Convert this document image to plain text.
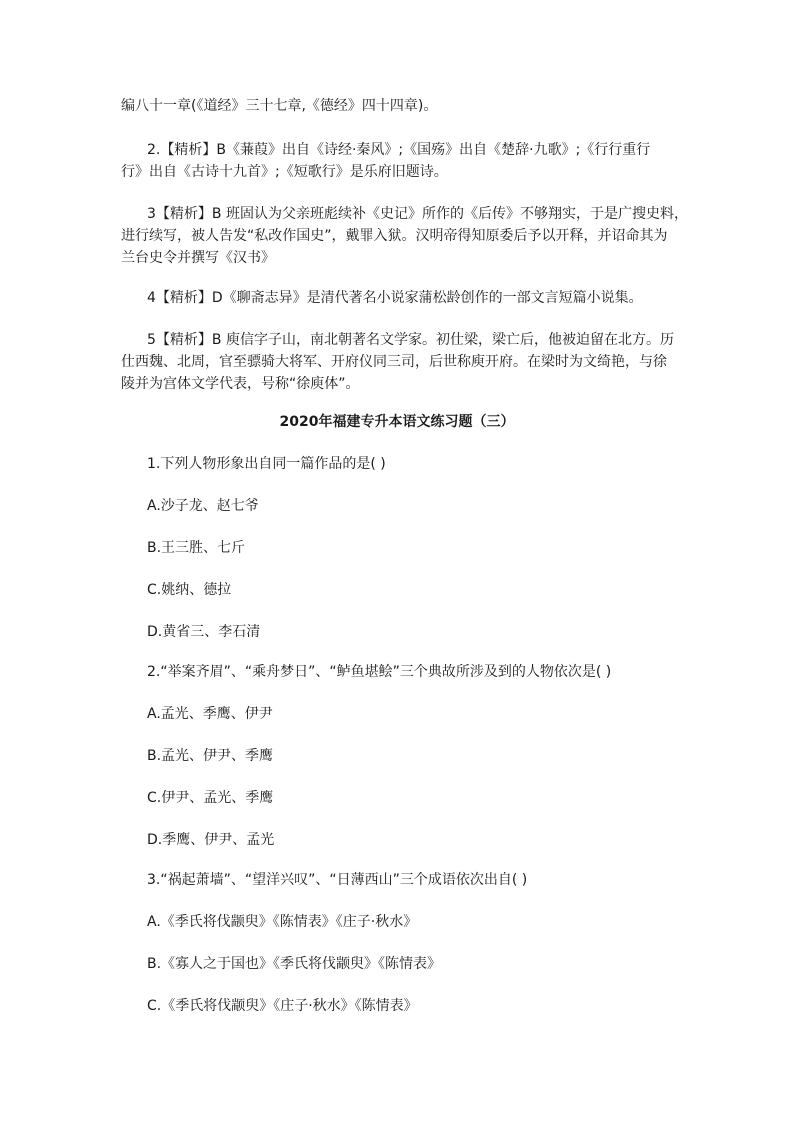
编八十一章(《道经》三十七章,《德经》四十四章)。
2.【精析】B《蒹葭》出自《诗经·秦风》;《国殇》出自《楚辞·九歌》;《行行重行
行》出自《古诗十九首》;《短歌行》是乐府旧题诗。
3【精析】B 班固认为父亲班彪续补《史记》所作的《后传》不够翔实，于是广搜史料，
进行续写，被人告发“私改作国史”，戴罪入狱。汉明帝得知原委后予以开释，并诏命其为
兰台史令并撰写《汉书》
4【精析】D《聊斋志异》是清代著名小说家蒲松龄创作的一部文言短篇小说集。
5【精析】B 庾信字子山，南北朝著名文学家。初仕梁，梁亡后，他被迫留在北方。历
仕西魏、北周，官至骠骑大将军、开府仪同三司，后世称庾开府。在梁时为文绮艳，与徐
陵并为宫体文学代表，号称“徐庾体”。
2020年福建专升本语文练习题（三）
1.下列人物形象出自同一篇作品的是( )
A.沙子龙、赵七爷
B.王三胜、七斤
C.姚纳、德拉
D.黄省三、李石清
2.“举案齐眉”、“乘舟梦日”、“鲈鱼堪鲙”三个典故所涉及到的人物依次是( )
A.孟光、季鹰、伊尹
B.孟光、伊尹、季鹰
C.伊尹、孟光、季鹰
D.季鹰、伊尹、孟光
3.“祸起萧墙”、“望洋兴叹”、“日薄西山”三个成语依次出自( )
A.《季氏将伐颛臾》《陈情表》《庄子·秋水》
B.《寡人之于国也》《季氏将伐颛臾》《陈情表》
C.《季氏将伐颛臾》《庄子·秋水》《陈情表》
